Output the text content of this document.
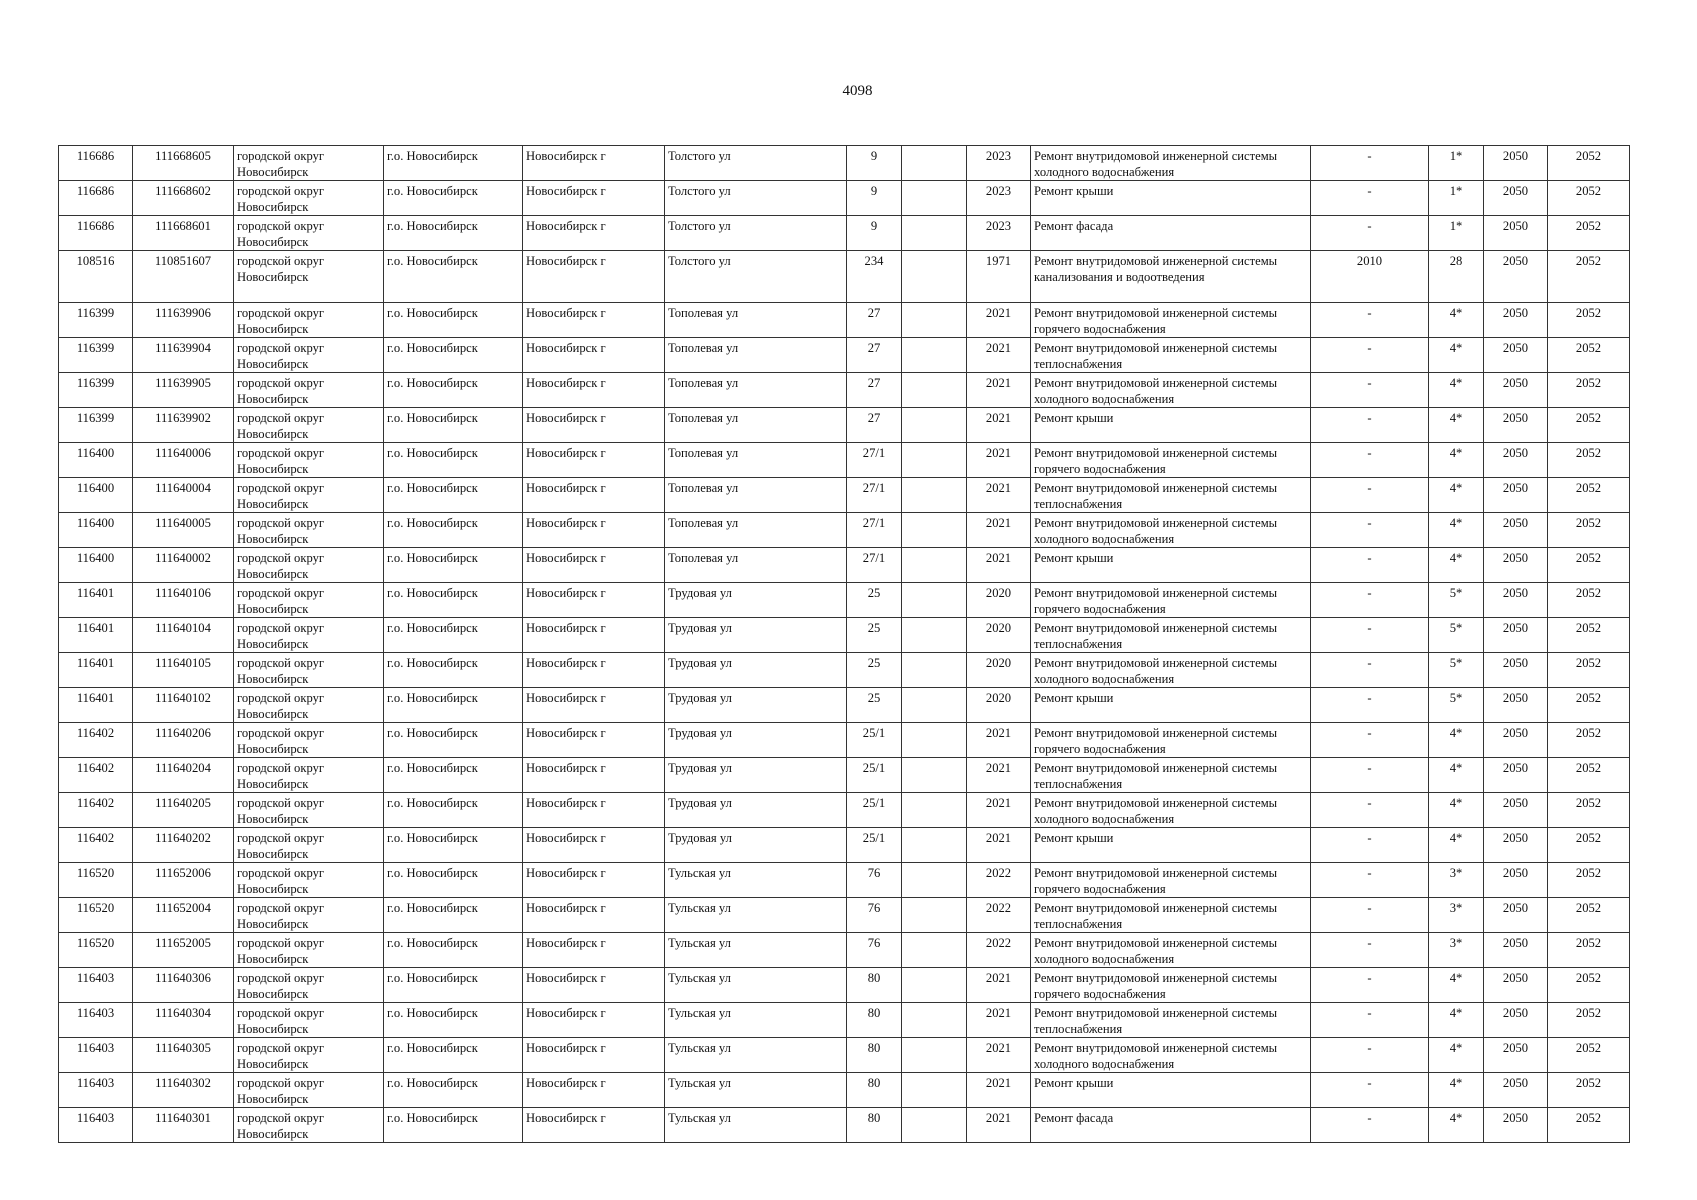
4098
116686	111668605	городской округ Новосибирск	г.о. Новосибирск	Новосибирск г	Толстого ул	9		2023	Ремонт внутридомовой инженерной системы холодного водоснабжения	-	1*	2050	2052
116686	111668602	городской округ Новосибирск	г.о. Новосибирск	Новосибирск г	Толстого ул	9		2023	Ремонт крыши	-	1*	2050	2052
116686	111668601	городской округ Новосибирск	г.о. Новосибирск	Новосибирск г	Толстого ул	9		2023	Ремонт фасада	-	1*	2050	2052
108516	110851607	городской округ Новосибирск	г.о. Новосибирск	Новосибирск г	Толстого ул	234		1971	Ремонт внутридомовой инженерной системы канализования и водоотведения	2010	28	2050	2052
116399	111639906	городской округ Новосибирск	г.о. Новосибирск	Новосибирск г	Тополевая ул	27		2021	Ремонт внутридомовой инженерной системы горячего водоснабжения	-	4*	2050	2052
116399	111639904	городской округ Новосибирск	г.о. Новосибирск	Новосибирск г	Тополевая ул	27		2021	Ремонт внутридомовой инженерной системы теплоснабжения	-	4*	2050	2052
116399	111639905	городской округ Новосибирск	г.о. Новосибирск	Новосибирск г	Тополевая ул	27		2021	Ремонт внутридомовой инженерной системы холодного водоснабжения	-	4*	2050	2052
116399	111639902	городской округ Новосибирск	г.о. Новосибирск	Новосибирск г	Тополевая ул	27		2021	Ремонт крыши	-	4*	2050	2052
116400	111640006	городской округ Новосибирск	г.о. Новосибирск	Новосибирск г	Тополевая ул	27/1		2021	Ремонт внутридомовой инженерной системы горячего водоснабжения	-	4*	2050	2052
116400	111640004	городской округ Новосибирск	г.о. Новосибирск	Новосибирск г	Тополевая ул	27/1		2021	Ремонт внутридомовой инженерной системы теплоснабжения	-	4*	2050	2052
116400	111640005	городской округ Новосибирск	г.о. Новосибирск	Новосибирск г	Тополевая ул	27/1		2021	Ремонт внутридомовой инженерной системы холодного водоснабжения	-	4*	2050	2052
116400	111640002	городской округ Новосибирск	г.о. Новосибирск	Новосибирск г	Тополевая ул	27/1		2021	Ремонт крыши	-	4*	2050	2052
116401	111640106	городской округ Новосибирск	г.о. Новосибирск	Новосибирск г	Трудовая ул	25		2020	Ремонт внутридомовой инженерной системы горячего водоснабжения	-	5*	2050	2052
116401	111640104	городской округ Новосибирск	г.о. Новосибирск	Новосибирск г	Трудовая ул	25		2020	Ремонт внутридомовой инженерной системы теплоснабжения	-	5*	2050	2052
116401	111640105	городской округ Новосибирск	г.о. Новосибирск	Новосибирск г	Трудовая ул	25		2020	Ремонт внутридомовой инженерной системы холодного водоснабжения	-	5*	2050	2052
116401	111640102	городской округ Новосибирск	г.о. Новосибирск	Новосибирск г	Трудовая ул	25		2020	Ремонт крыши	-	5*	2050	2052
116402	111640206	городской округ Новосибирск	г.о. Новосибирск	Новосибирск г	Трудовая ул	25/1		2021	Ремонт внутридомовой инженерной системы горячего водоснабжения	-	4*	2050	2052
116402	111640204	городской округ Новосибирск	г.о. Новосибирск	Новосибирск г	Трудовая ул	25/1		2021	Ремонт внутридомовой инженерной системы теплоснабжения	-	4*	2050	2052
116402	111640205	городской округ Новосибирск	г.о. Новосибирск	Новосибирск г	Трудовая ул	25/1		2021	Ремонт внутридомовой инженерной системы холодного водоснабжения	-	4*	2050	2052
116402	111640202	городской округ Новосибирск	г.о. Новосибирск	Новосибирск г	Трудовая ул	25/1		2021	Ремонт крыши	-	4*	2050	2052
116520	111652006	городской округ Новосибирск	г.о. Новосибирск	Новосибирск г	Тульская ул	76		2022	Ремонт внутридомовой инженерной системы горячего водоснабжения	-	3*	2050	2052
116520	111652004	городской округ Новосибирск	г.о. Новосибирск	Новосибирск г	Тульская ул	76		2022	Ремонт внутридомовой инженерной системы теплоснабжения	-	3*	2050	2052
116520	111652005	городской округ Новосибирск	г.о. Новосибирск	Новосибирск г	Тульская ул	76		2022	Ремонт внутридомовой инженерной системы холодного водоснабжения	-	3*	2050	2052
116403	111640306	городской округ Новосибирск	г.о. Новосибирск	Новосибирск г	Тульская ул	80		2021	Ремонт внутридомовой инженерной системы горячего водоснабжения	-	4*	2050	2052
116403	111640304	городской округ Новосибирск	г.о. Новосибирск	Новосибирск г	Тульская ул	80		2021	Ремонт внутридомовой инженерной системы теплоснабжения	-	4*	2050	2052
116403	111640305	городской округ Новосибирск	г.о. Новосибирск	Новосибирск г	Тульская ул	80		2021	Ремонт внутридомовой инженерной системы холодного водоснабжения	-	4*	2050	2052
116403	111640302	городской округ Новосибирск	г.о. Новосибирск	Новосибирск г	Тульская ул	80		2021	Ремонт крыши	-	4*	2050	2052
116403	111640301	городской округ Новосибирск	г.о. Новосибирск	Новосибирск г	Тульская ул	80		2021	Ремонт фасада	-	4*	2050	2052
